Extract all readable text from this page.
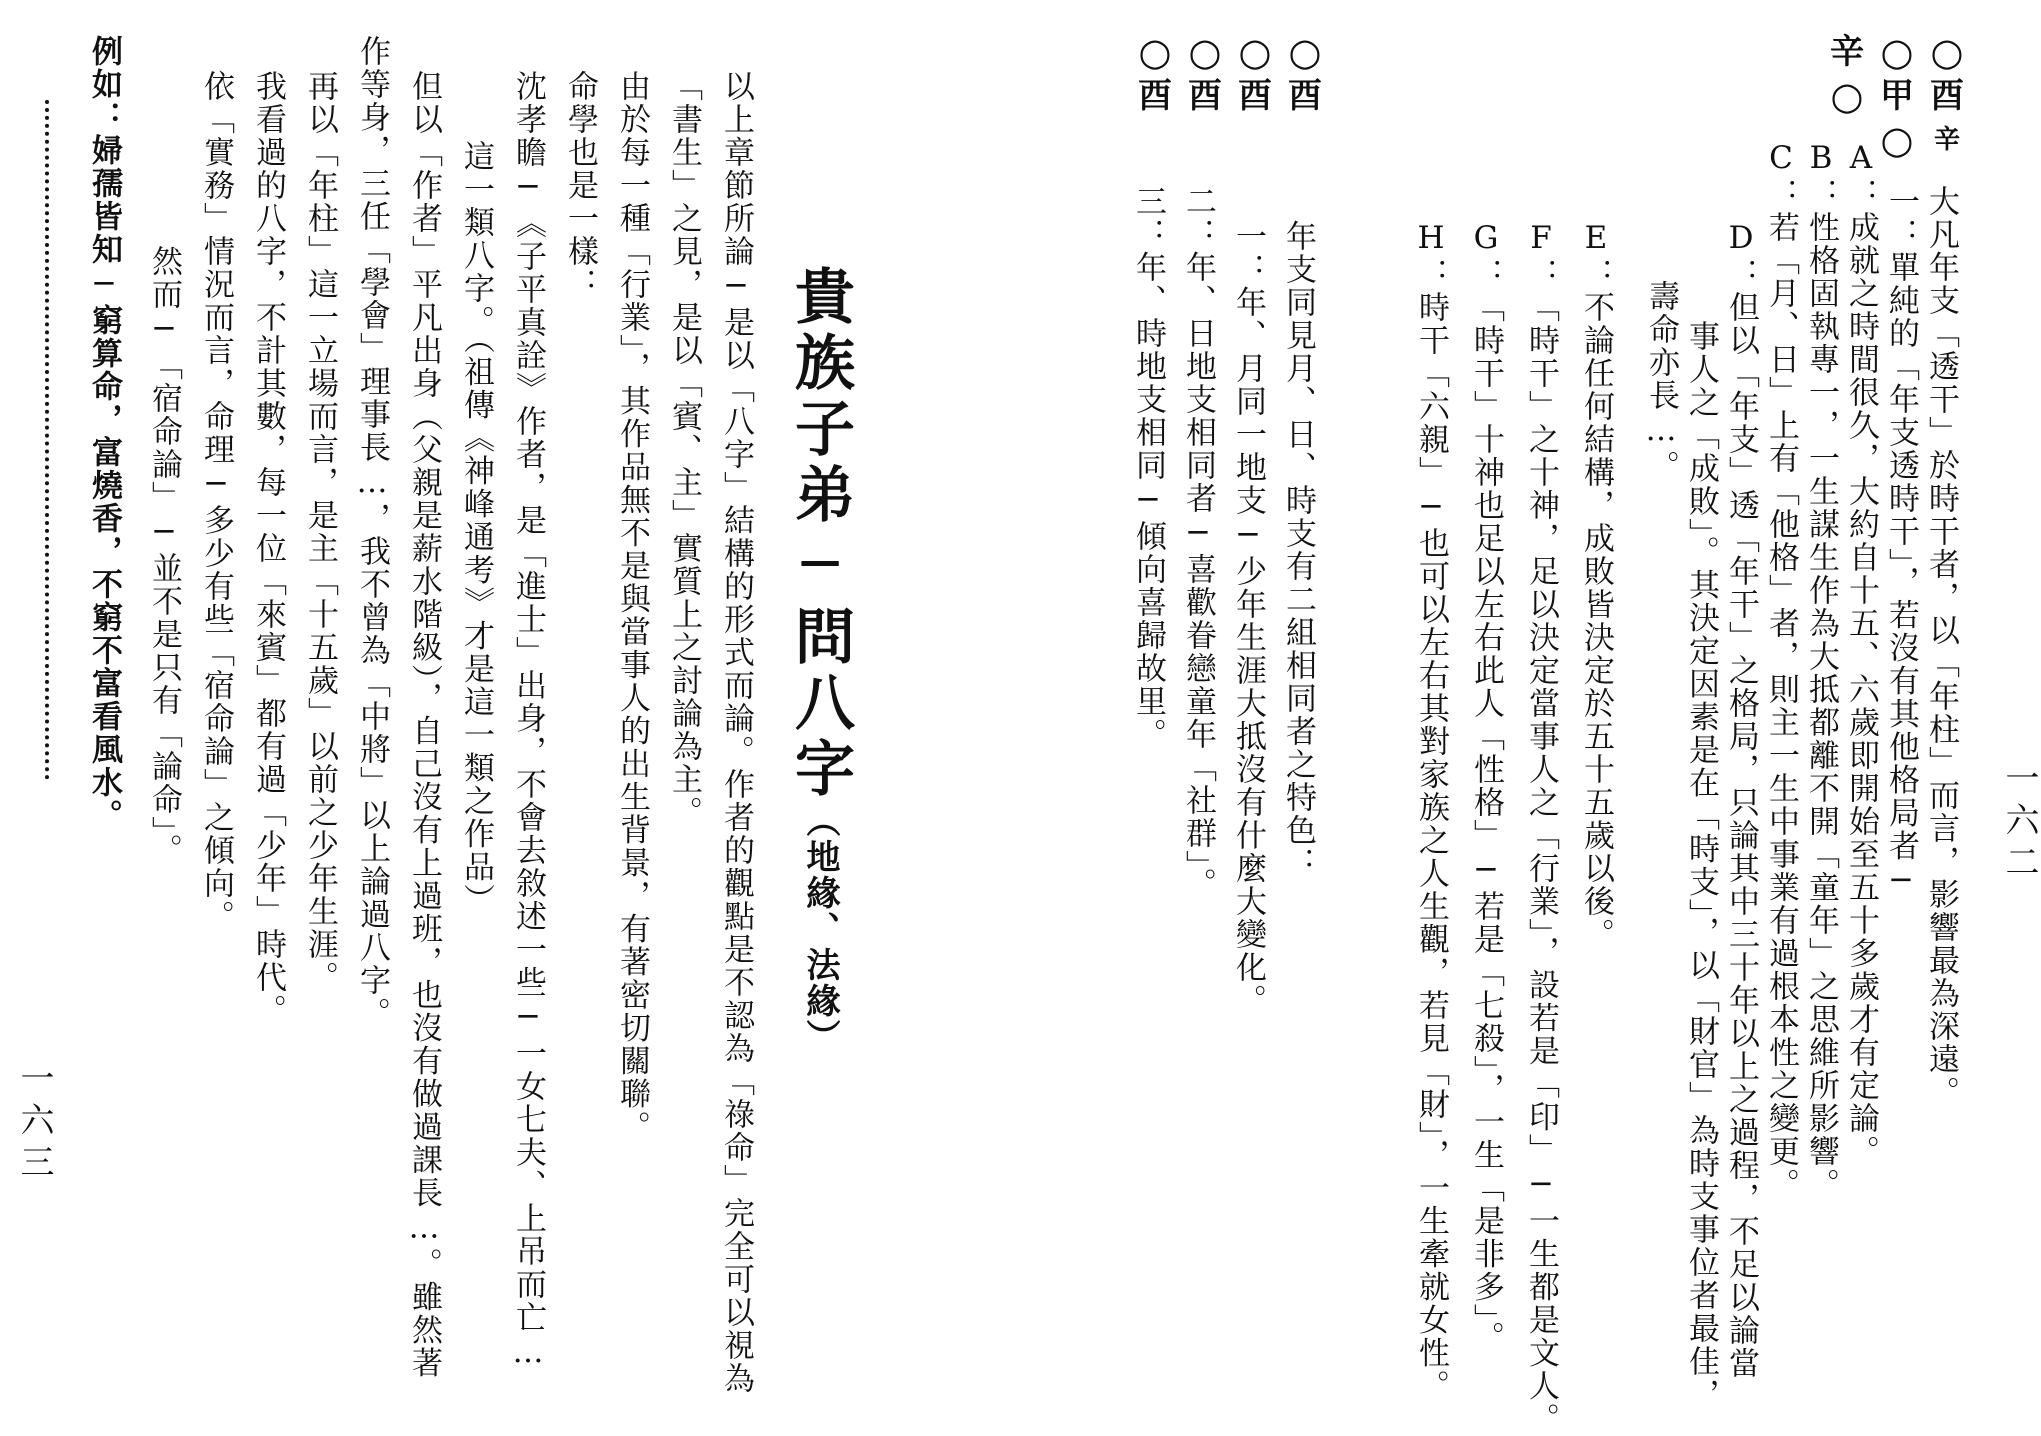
一六二
○
酉
辛
○
甲
○
辛
○
大凡年支「透干」於時干者，以「年柱」而言，影響最為深遠。
一：單純的「年支透時干」，若沒有其他格局者─
A：成就之時間很久，大約自十五、六歲即開始至五十多歲才有定論。
B：性格固執專一，一生謀生作為大抵都離不開「童年」之思維所影響。
C：若「月、日」上有「他格」者，則主一生中事業有過根本性之變更。
D：但以「年支」透「年干」之格局，只論其中三十年以上之過程，不足以論當
事人之「成敗」。其決定因素是在「時支」，以「財官」為時支事位者最佳，
壽命亦長…。
E：不論任何結構，成敗皆決定於五十五歲以後。
F：「時干」之十神，足以決定當事人之「行業」，設若是「印」─一生都是文人。
G：「時干」十神也足以左右此人「性格」─若是「七殺」，一生「是非多」。
H：時干「六親」─也可以左右其對家族之人生觀，若見「財」，一生牽就女性。
○
酉
○
酉
○
酉
○
酉
年支同見月、日、時支有二組相同者之特色：
一：年、月同一地支─少年生涯大抵沒有什麼大變化。
二：年、日地支相同者─喜歡眷戀童年「社群」。
三：年、時地支相同─傾向喜歸故里。
貴族子弟─問八字（地緣、法緣）
以上章節所論─是以「八字」結構的形式而論。作者的觀點是不認為「祿命」完全可以視為
「書生」之見，是以「賓、主」實質上之討論為主。
由於每一種「行業」，其作品無不是與當事人的出生背景，有著密切關聯。
命學也是一樣：
沈孝瞻─《子平真詮》作者，是「進士」出身，不會去敘述一些─一女七夫、上吊而亡…
這一類八字。（祖傳《神峰通考》才是這一類之作品）
但以「作者」平凡出身（父親是薪水階級），自己沒有上過班，也沒有做過課長…。雖然著
作等身，三任「學會」理事長…，我不曾為「中將」以上論過八字。
再以「年柱」這一立場而言，是主「十五歲」以前之少年生涯。
我看過的八字，不計其數，每一位「來賓」都有過「少年」時代。
依「實務」情況而言，命理─多少有些「宿命論」之傾向。
然而─「宿命論」─並不是只有「論命」。
例如：婦孺皆知─窮算命，富燒香，不窮不富看風水。
一六三
